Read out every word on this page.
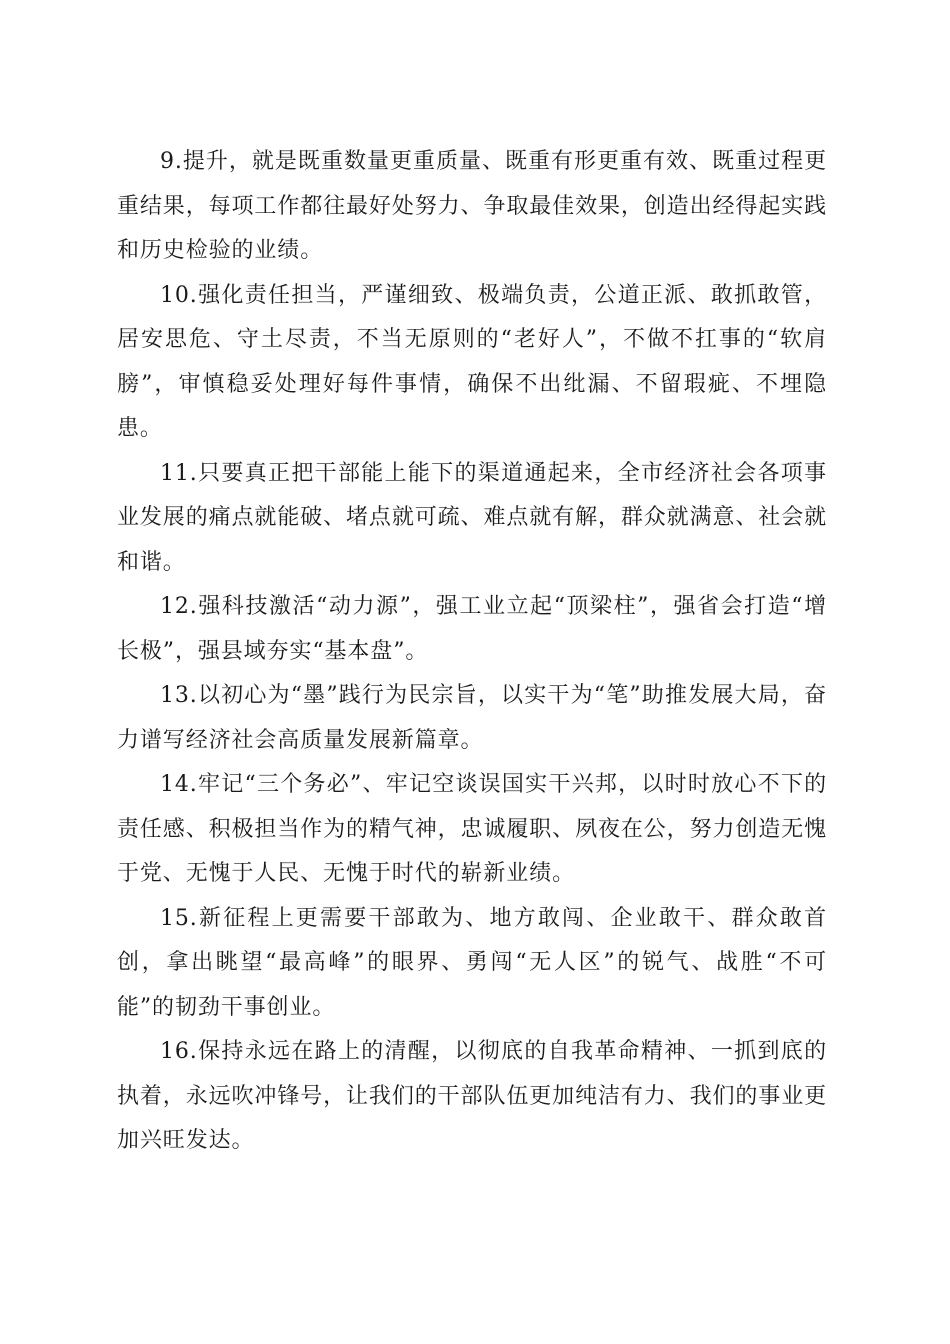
9.提升，就是既重数量更重质量、既重有形更重有效、既重过程更重结果，每项工作都往最好处努力、争取最佳效果，创造出经得起实践和历史检验的业绩。

10.强化责任担当，严谨细致、极端负责，公道正派、敢抓敢管，居安思危、守土尽责，不当无原则的“老好人”，不做不扛事的“软肩膀”，审慎稳妥处理好每件事情，确保不出纰漏、不留瑕疵、不埋隐患。

11.只要真正把干部能上能下的渠道通起来，全市经济社会各项事业发展的痛点就能破、堵点就可疏、难点就有解，群众就满意、社会就和谐。

12.强科技激活“动力源”，强工业立起“顶梁柱”，强省会打造“增长极”，强县域夯实“基本盘”。

13.以初心为“墨”践行为民宗旨，以实干为“笔”助推发展大局，奋力谱写经济社会高质量发展新篇章。

14.牢记“三个务必”、牢记空谈误国实干兴邦，以时时放心不下的责任感、积极担当作为的精气神，忠诚履职、夙夜在公，努力创造无愧于党、无愧于人民、无愧于时代的崭新业绩。

15.新征程上更需要干部敢为、地方敢闯、企业敢干、群众敢首创，拿出眺望“最高峰”的眼界、勇闯“无人区”的锐气、战胜“不可能”的韧劲干事创业。

16.保持永远在路上的清醒，以彻底的自我革命精神、一抓到底的执着，永远吹冲锋号，让我们的干部队伍更加纯洁有力、我们的事业更加兴旺发达。
